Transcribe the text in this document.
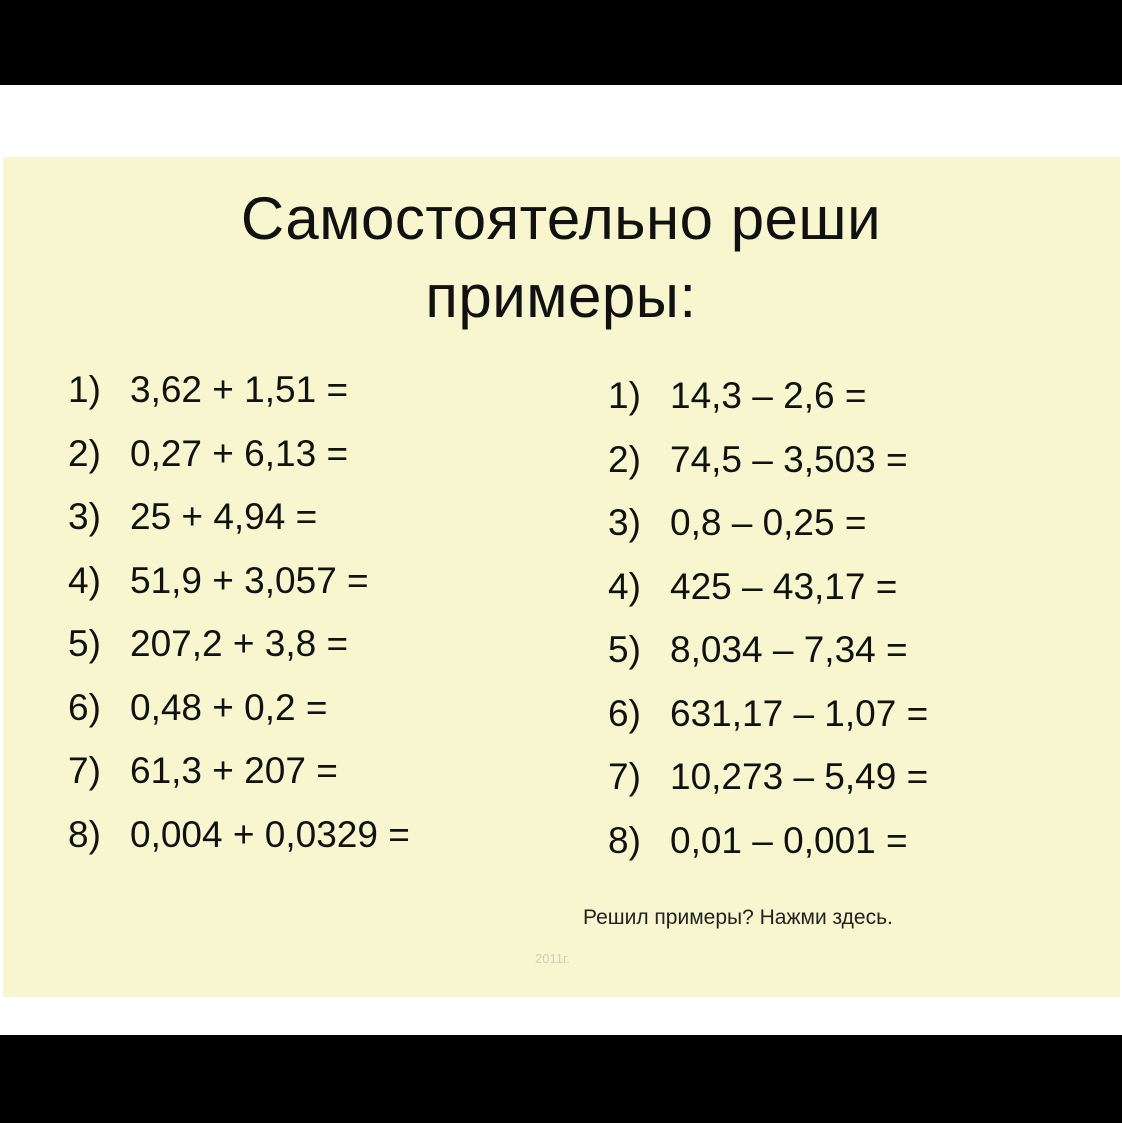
Самостоятельно реши
примеры:
1) 3,62 + 1,51 =
2) 0,27 + 6,13 =
3) 25 + 4,94 =
4) 51,9 + 3,057 =
5) 207,2 + 3,8 =
6) 0,48 + 0,2 =
7) 61,3 + 207 =
8) 0,004 + 0,0329 =
1) 14,3 – 2,6 =
2) 74,5 – 3,503 =
3) 0,8 – 0,25 =
4) 425 – 43,17 =
5) 8,034 – 7,34 =
6) 631,17 – 1,07 =
7) 10,273 – 5,49 =
8) 0,01 – 0,001 =
Решил примеры? Нажми здесь.
2011г.
